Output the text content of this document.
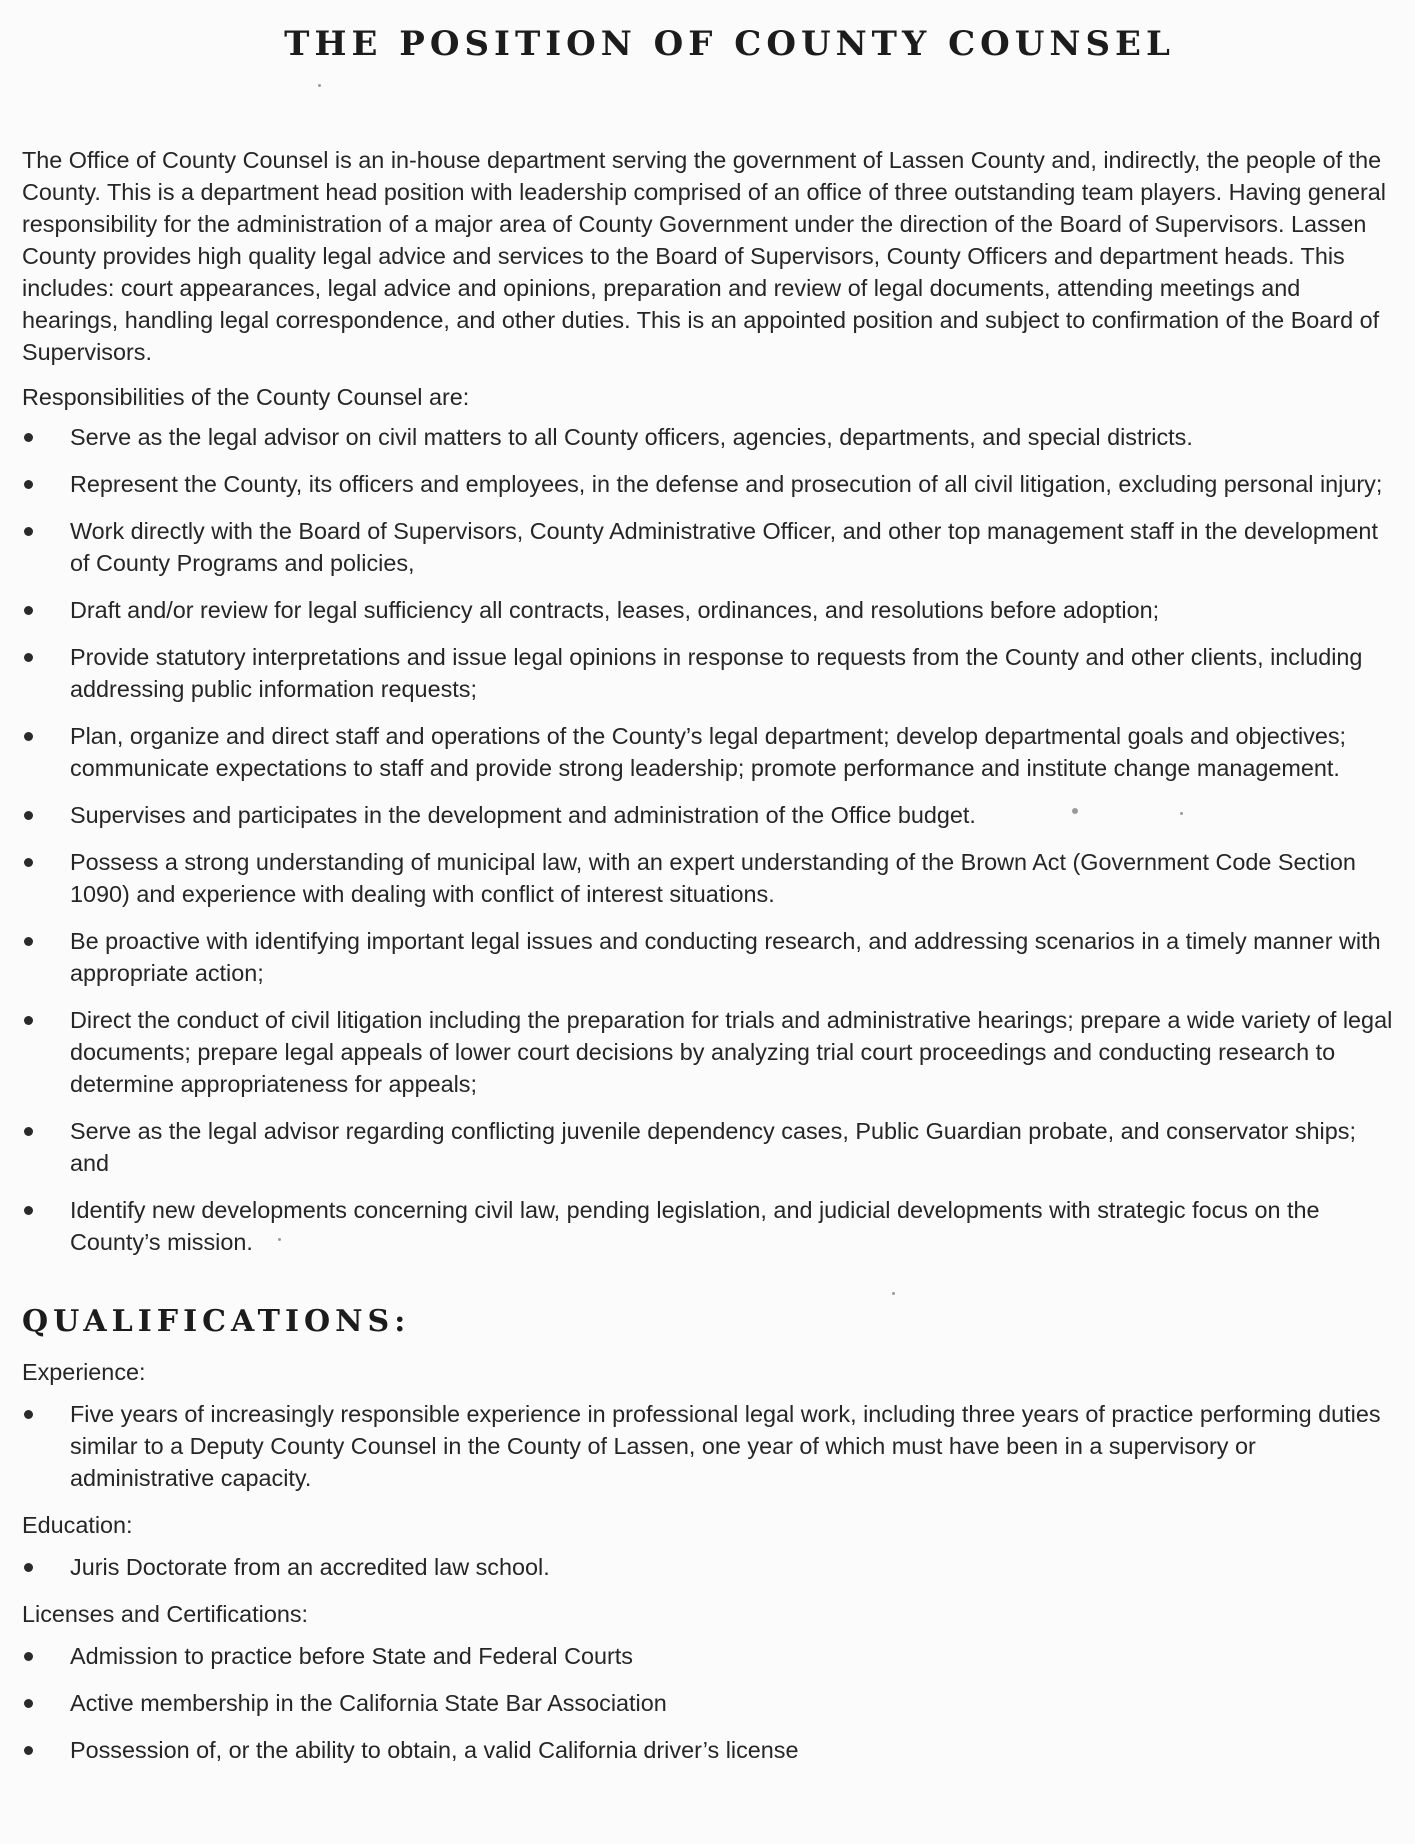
THE POSITION OF COUNTY COUNSEL

The Office of County Counsel is an in-house department serving the government of Lassen County and, indirectly, the people of the County. This is a department head position with leadership comprised of an office of three outstanding team players. Having general responsibility for the administration of a major area of County Government under the direction of the Board of Supervisors. Lassen County provides high quality legal advice and services to the Board of Supervisors, County Officers and department heads. This includes: court appearances, legal advice and opinions, preparation and review of legal documents, attending meetings and hearings, handling legal correspondence, and other duties. This is an appointed position and subject to confirmation of the Board of Supervisors.

Responsibilities of the County Counsel are:

Serve as the legal advisor on civil matters to all County officers, agencies, departments, and special districts.
Represent the County, its officers and employees, in the defense and prosecution of all civil litigation, excluding personal injury;
Work directly with the Board of Supervisors, County Administrative Officer, and other top management staff in the development of County Programs and policies,
Draft and/or review for legal sufficiency all contracts, leases, ordinances, and resolutions before adoption;
Provide statutory interpretations and issue legal opinions in response to requests from the County and other clients, including addressing public information requests;
Plan, organize and direct staff and operations of the County’s legal department; develop departmental goals and objectives; communicate expectations to staff and provide strong leadership; promote performance and institute change management.
Supervises and participates in the development and administration of the Office budget.
Possess a strong understanding of municipal law, with an expert understanding of the Brown Act (Government Code Section 1090) and experience with dealing with conflict of interest situations.
Be proactive with identifying important legal issues and conducting research, and addressing scenarios in a timely manner with appropriate action;
Direct the conduct of civil litigation including the preparation for trials and administrative hearings; prepare a wide variety of legal documents; prepare legal appeals of lower court decisions by analyzing trial court proceedings and conducting research to determine appropriateness for appeals;
Serve as the legal advisor regarding conflicting juvenile dependency cases, Public Guardian probate, and conservator ships; and
Identify new developments concerning civil law, pending legislation, and judicial developments with strategic focus on the County’s mission.
QUALIFICATIONS:

Experience:

Five years of increasingly responsible experience in professional legal work, including three years of practice performing duties similar to a Deputy County Counsel in the County of Lassen, one year of which must have been in a supervisory or administrative capacity.

Education:

Juris Doctorate from an accredited law school.

Licenses and Certifications:

Admission to practice before State and Federal Courts
Active membership in the California State Bar Association
Possession of, or the ability to obtain, a valid California driver’s license
